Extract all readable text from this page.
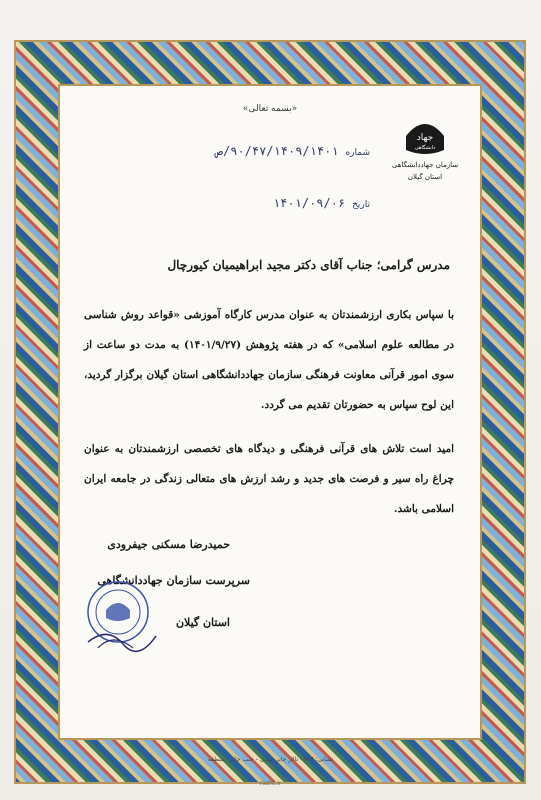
«بسمه تعالی»
جهاد
دانشگاهی
سازمان جهاددانشگاهی
استان گیلان
شماره ۹۰/۴۷/۱۴۰۹/۱۴۰۱/ص
تاریخ ۱۴۰۱/۰۹/۰۶
مدرس گرامی؛ جناب آقای دکتر مجید ابراهیمیان کیورچال
با سپاس بکاری ارزشمندتان به عنوان مدرس کارگاه آموزشی «قواعد روش شناسی در مطالعه علوم اسلامی» که در هفته پژوهش (۱۴۰۱/۹/۲۷) به مدت دو ساعت از سوی امور قرآنی معاونت فرهنگی سازمان جهاددانشگاهی استان گیلان برگزار گردید، این لوح سپاس به حضورتان تقدیم می گردد.
امید است تلاش های قرآنی فرهنگی و دیدگاه های تخصصی ارزشمندتان به عنوان چراغ راه سیر و فرصت های جدید و رشد ارزش های متعالی زندگی در جامعه ایران اسلامی باشد.
حمیدرضا مسکنی جیفرودی
سرپرست سازمان جهاددانشگاهی
استان گیلان
نشانی: ۷۱۴ - تالار جابر حیانی - جنب جابر - منطقه
rasht.ir
